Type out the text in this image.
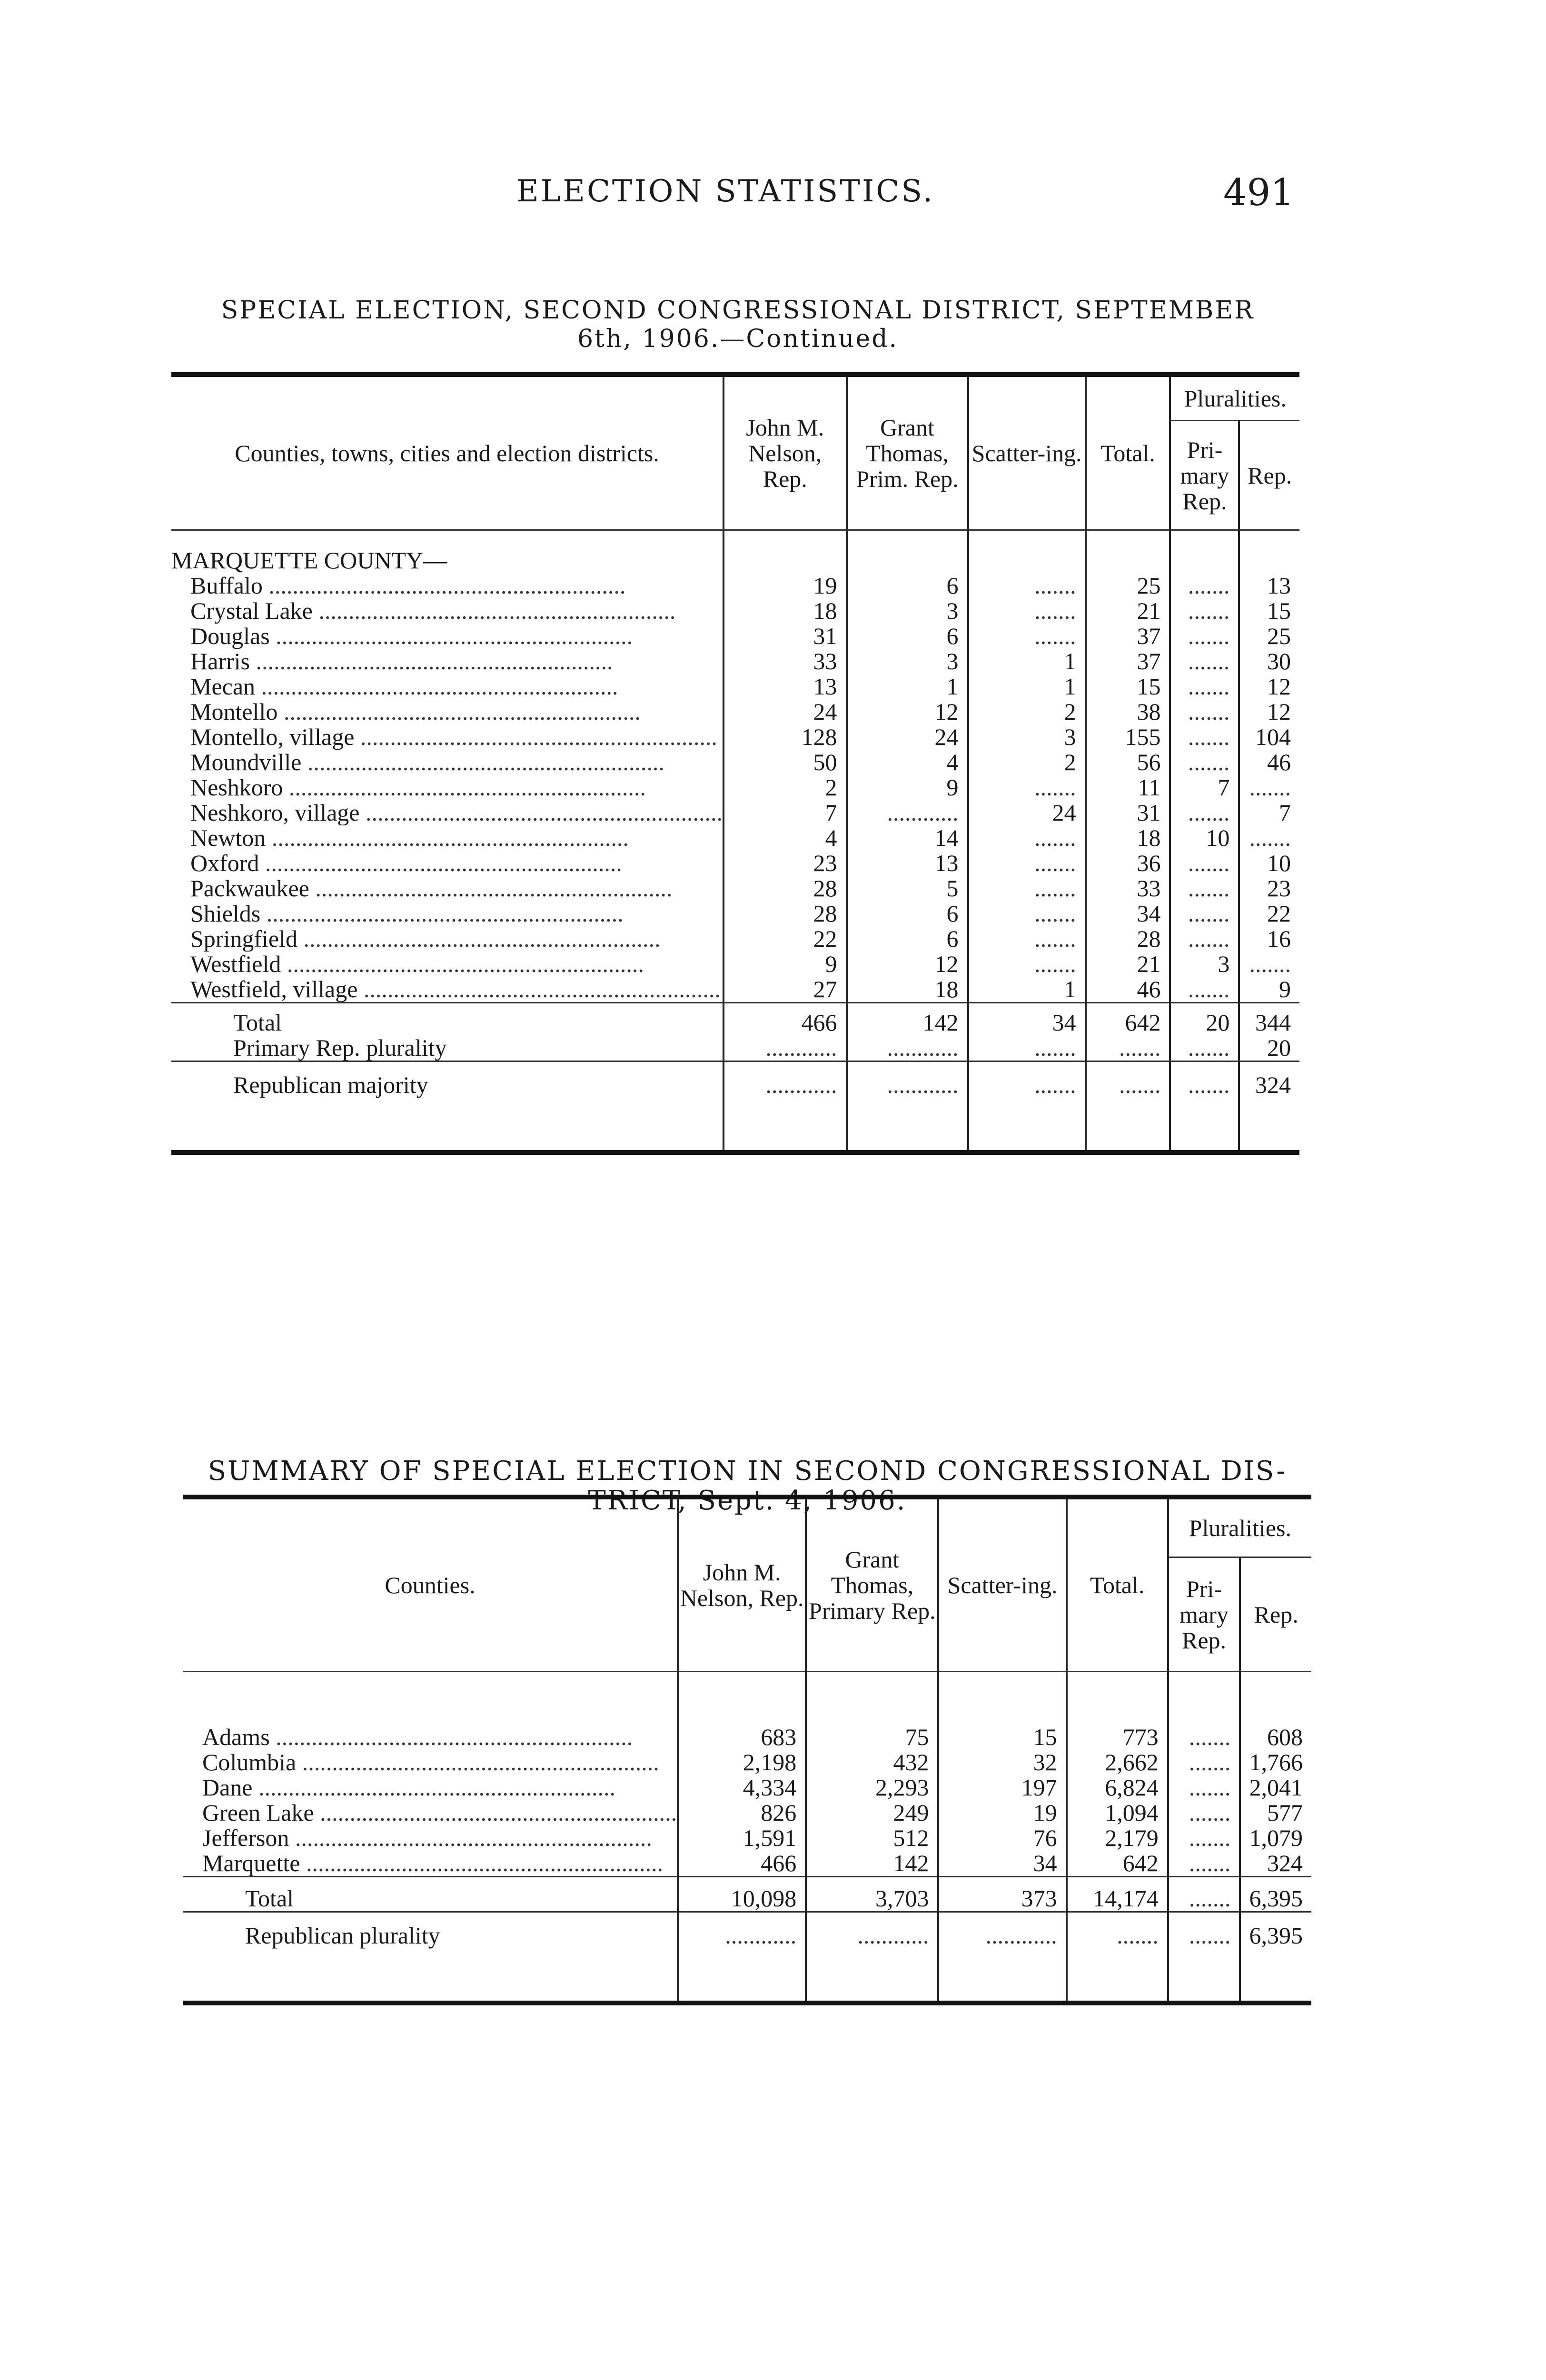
ELECTION STATISTICS.	491
SPECIAL ELECTION, SECOND CONGRESSIONAL DISTRICT, SEPTEMBER
6th, 1906.—Continued.
Counties, towns, cities and election districts.	John M. Nelson, Rep.	Grant Thomas, Prim. Rep.	Scatter-ing.	Total.	Pluralities.	
					Pri-mary Rep.	Rep.
MARQUETTE COUNTY—						
Buffalo ............................................................	19	6	.......	25	.......	13
Crystal Lake ............................................................	18	3	.......	21	.......	15
Douglas ............................................................	31	6	.......	37	.......	25
Harris ............................................................	33	3	1	37	.......	30
Mecan ............................................................	13	1	1	15	.......	12
Montello ............................................................	24	12	2	38	.......	12
Montello, village ............................................................	128	24	3	155	.......	104
Moundville ............................................................	50	4	2	56	.......	46
Neshkoro ............................................................	2	9	.......	11	7	.......
Neshkoro, village ............................................................	7	............	24	31	.......	7
Newton ............................................................	4	14	.......	18	10	.......
Oxford ............................................................	23	13	.......	36	.......	10
Packwaukee ............................................................	28	5	.......	33	.......	23
Shields ............................................................	28	6	.......	34	.......	22
Springfield ............................................................	22	6	.......	28	.......	16
Westfield ............................................................	9	12	.......	21	3	.......
Westfield, village ............................................................	27	18	1	46	.......	9
Total	466	142	34	642	20	344
Primary Rep. plurality	............	............	.......	.......	.......	20
Republican majority	............	............	.......	.......	.......	324
SUMMARY OF SPECIAL ELECTION IN SECOND CONGRESSIONAL DIS-
TRICT, Sept. 4, 1906.
Counties.	John M. Nelson, Rep.	Grant Thomas, Primary Rep.	Scatter-ing.	Total.	Pluralities.	
					Pri-mary Rep.	Rep.
Adams ............................................................	683	75	15	773	.......	608
Columbia ............................................................	2,198	432	32	2,662	.......	1,766
Dane ............................................................	4,334	2,293	197	6,824	.......	2,041
Green Lake ............................................................	826	249	19	1,094	.......	577
Jefferson ............................................................	1,591	512	76	2,179	.......	1,079
Marquette ............................................................	466	142	34	642	.......	324
Total	10,098	3,703	373	14,174	.......	6,395
Republican plurality	............	............	............	.......	.......	6,395
